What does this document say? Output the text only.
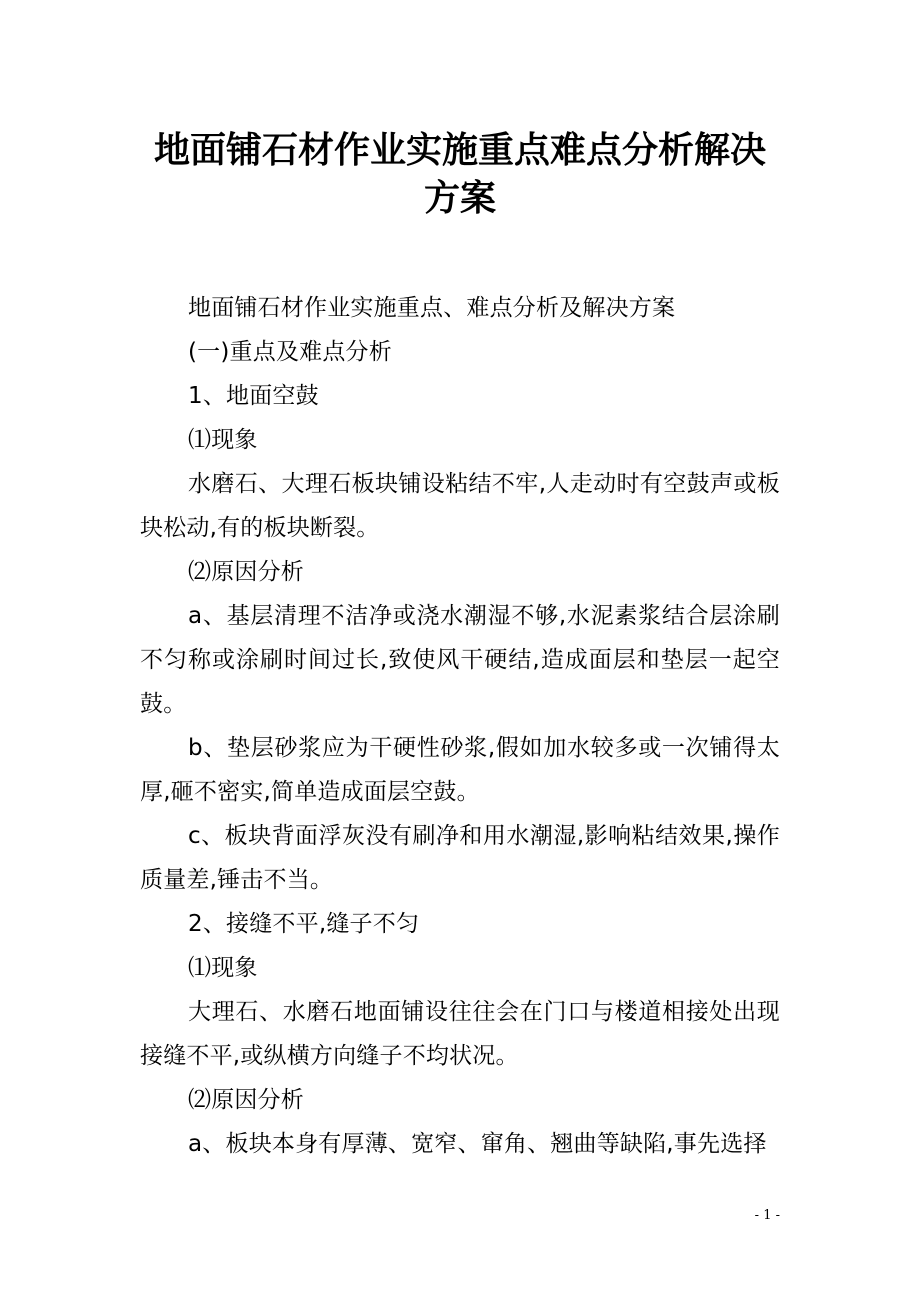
地面铺石材作业实施重点难点分析解决方案

地面铺石材作业实施重点、难点分析及解决方案

(一)重点及难点分析

1、地面空鼓

⑴现象

水磨石、大理石板块铺设粘结不牢,人走动时有空鼓声或板块松动,有的板块断裂。

⑵原因分析

a、基层清理不洁净或浇水潮湿不够,水泥素浆结合层涂刷不匀称或涂刷时间过长,致使风干硬结,造成面层和垫层一起空鼓。

b、垫层砂浆应为干硬性砂浆,假如加水较多或一次铺得太厚,砸不密实,简单造成面层空鼓。

c、板块背面浮灰没有刷净和用水潮湿,影响粘结效果,操作质量差,锤击不当。

2、接缝不平,缝子不匀

⑴现象

大理石、水磨石地面铺设往往会在门口与楼道相接处出现接缝不平,或纵横方向缝子不均状况。

⑵原因分析

a、板块本身有厚薄、宽窄、窜角、翘曲等缺陷,事先选择

- 1 -
